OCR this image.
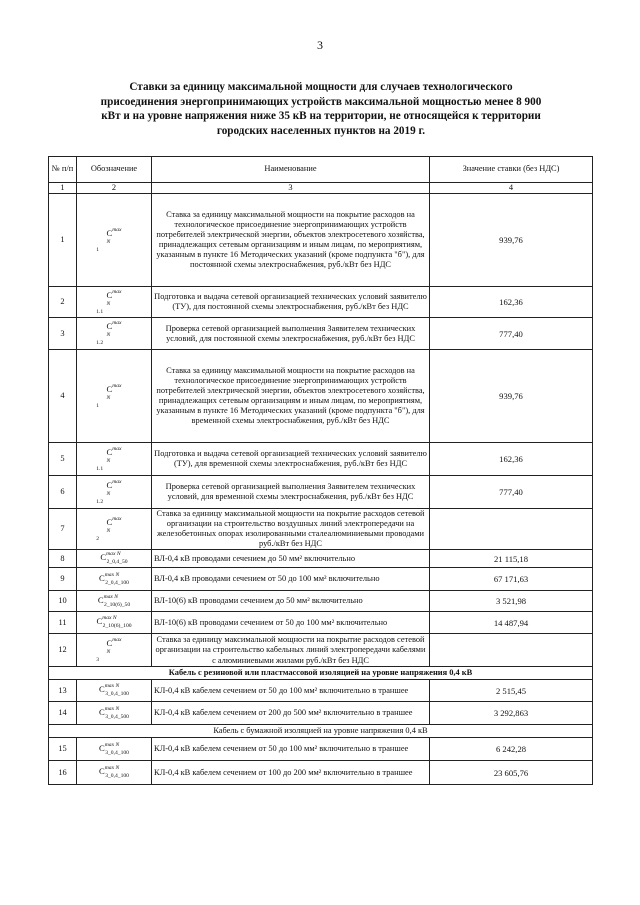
3
Ставки за единицу максимальной мощности для случаев технологического присоединения энергопринимающих устройств максимальной мощностью менее 8 900 кВт и на уровне напряжения ниже 35 кВ на территории, не относящейся к территории городских населенных пунктов на 2019 г.
№ п/п	Обозначение	Наименование	Значение ставки (без НДС)
1	2	3	4
1	$C^{max N}_1$	Ставка за единицу максимальной мощности на покрытие расходов на технологическое присоединение энергопринимающих устройств потребителей электрической энергии, объектов электросетевого хозяйства, принадлежащих сетевым организациям и иным лицам, по мероприятиям, указанным в пункте 16 Методических указаний (кроме подпункта "б"), для постоянной схемы электроснабжения, руб./кВт без НДС	939,76
2	$C^{max N}_{1.1}$	Подготовка и выдача сетевой организацией технических условий заявителю (ТУ), для постоянной схемы электроснабжения, руб./кВт без НДС	162,36
3	$C^{max N}_{1.2}$	Проверка сетевой организацией выполнения Заявителем технических условий, для постоянной схемы электроснабжения, руб./кВт без НДС	777,40
4	$C^{max N}_1$	Ставка за единицу максимальной мощности на покрытие расходов на технологическое присоединение энергопринимающих устройств потребителей электрической энергии, объектов электросетевого хозяйства, принадлежащих сетевым организациям и иным лицам, по мероприятиям, указанным в пункте 16 Методических указаний (кроме подпункта "б"), для временной схемы электроснабжения, руб./кВт без НДС	939,76
5	$C^{max N}_{1.1}$	Подготовка и выдача сетевой организацией технических условий заявителю (ТУ), для временной схемы электроснабжения, руб./кВт без НДС	162,36
6	$C^{max N}_{1.2}$	Проверка сетевой организацией выполнения Заявителем технических условий, для временной схемы электроснабжения, руб./кВт без НДС	777,40
7	$C^{max N}_2$	Ставка за единицу максимальной мощности на покрытие расходов сетевой организации на строительство воздушных линий электропередачи на железобетонных опорах изолированными сталеалюминиевыми проводами руб./кВт без НДС	
8	$C^{max N}_{2\_0,4\_50}$	ВЛ-0,4 кВ проводами сечением до 50 мм² включительно	21 115,18
9	$C^{max N}_{2\_0,4\_100}$	ВЛ-0,4 кВ проводами сечением от 50 до 100 мм² включительно	67 171,63
10	$C^{max N}_{2\_10(6)\_50}$	ВЛ-10(6) кВ проводами сечением до 50 мм² включительно	3 521,98
11	$C^{max N}_{2\_10(6)\_100}$	ВЛ-10(6) кВ проводами сечением от 50 до 100 мм² включительно	14 487,94
12	$C^{max N}_3$	Ставка за единицу максимальной мощности на покрытие расходов сетевой организации на строительство кабельных линий электропередачи кабелями с алюминиевыми жилами руб./кВт без НДС	
Кабель с резиновой или пластмассовой изоляцией на уровне напряжения 0,4 кВ			
13	$C^{max N}_{3\_0,4\_100}$	КЛ-0,4 кВ кабелем сечением от 50 до 100 мм² включительно в траншее	2 515,45
14	$C^{max N}_{3\_0,4\_500}$	КЛ-0,4 кВ кабелем сечением от 200 до 500 мм² включительно в траншее	3 292,863
Кабель с бумажной изоляцией на уровне напряжения 0,4 кВ			
15	$C^{max N}_{3\_0,4\_100}$	КЛ-0,4 кВ кабелем сечением от 50 до 100 мм² включительно в траншее	6 242,28
16	$C^{max N}_{3\_0,4\_100}$	КЛ-0,4 кВ кабелем сечением от 100 до 200 мм² включительно в траншее	23 605,76
